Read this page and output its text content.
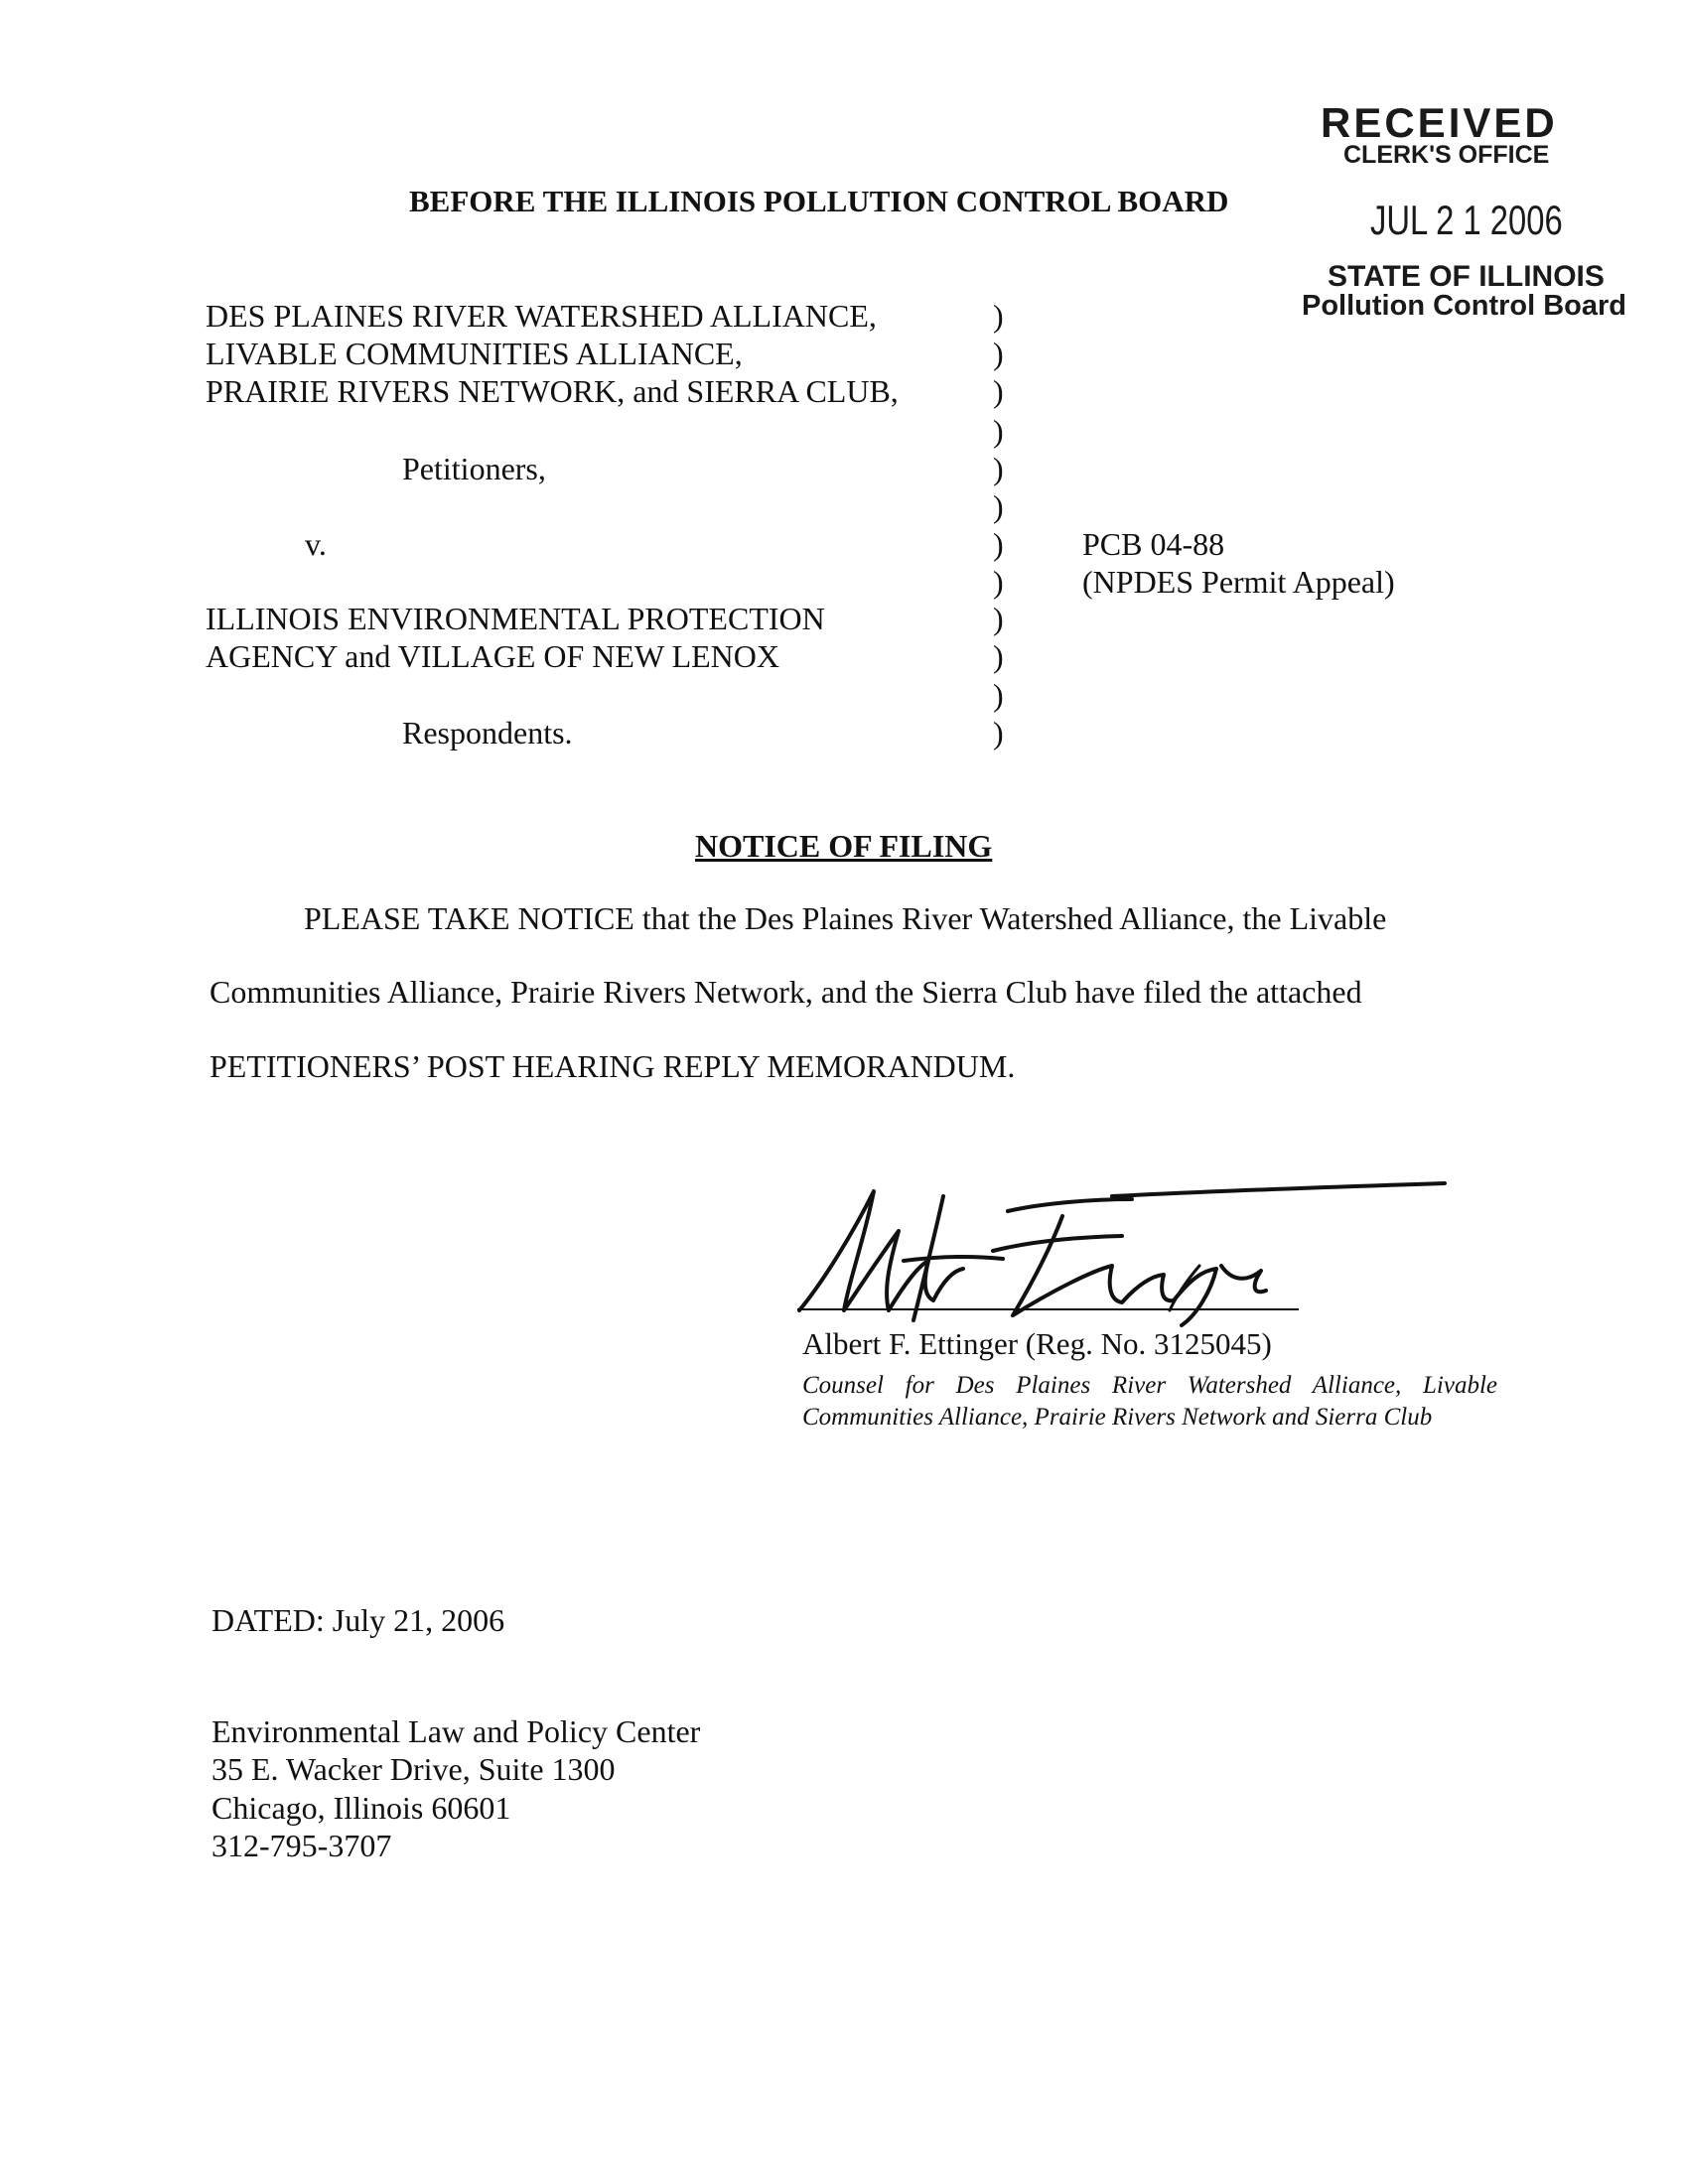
RECEIVED
CLERK'S OFFICE
JUL 2 1 2006
STATE OF ILLINOIS
Pollution Control Board
BEFORE THE ILLINOIS POLLUTION CONTROL BOARD
DES PLAINES RIVER WATERSHED ALLIANCE,
LIVABLE COMMUNITIES ALLIANCE,
PRAIRIE RIVERS NETWORK, and SIERRA CLUB,
Petitioners,
v.
ILLINOIS ENVIRONMENTAL PROTECTION
AGENCY and VILLAGE OF NEW LENOX
Respondents.
)
)
)
)
)
)
)
)
)
)
)
)
PCB 04-88
(NPDES Permit Appeal)
NOTICE OF FILING
PLEASE TAKE NOTICE that the Des Plaines River Watershed Alliance, the Livable
Communities Alliance, Prairie Rivers Network, and the Sierra Club have filed the attached
PETITIONERS’ POST HEARING REPLY MEMORANDUM.
Albert F. Ettinger (Reg. No. 3125045)
Counsel for Des Plaines River Watershed Alliance, Livable Communities Alliance, Prairie Rivers Network and Sierra Club
DATED: July 21, 2006
Environmental Law and Policy Center
35 E. Wacker Drive, Suite 1300
Chicago, Illinois 60601
312-795-3707
